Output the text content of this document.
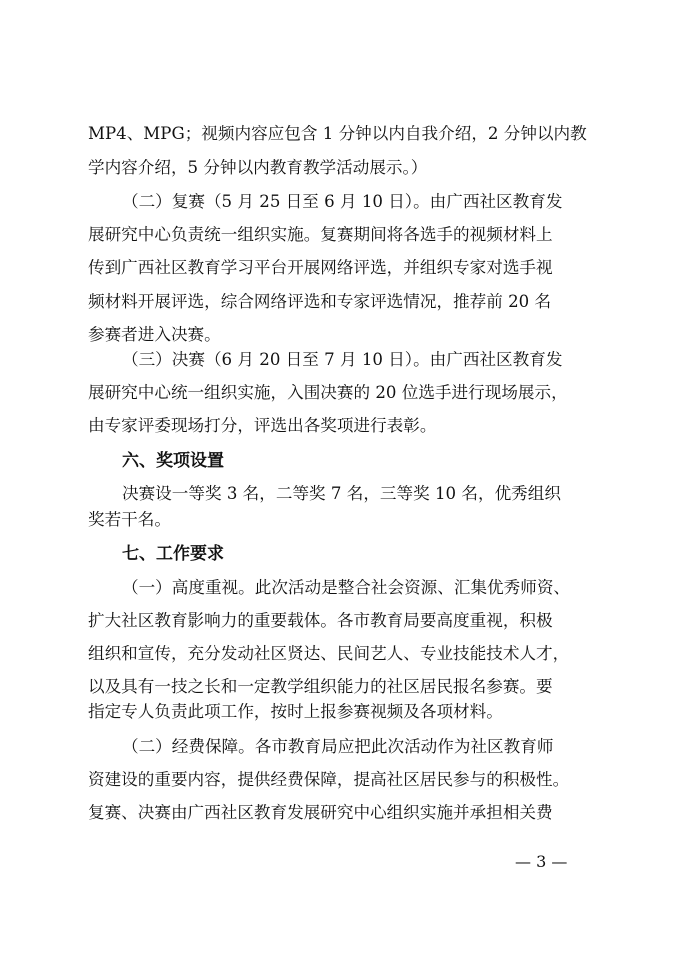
MP4、MPG；视频内容应包含 1 分钟以内自我介绍，2 分钟以内教
学内容介绍，5 分钟以内教育教学活动展示。）
（二）复赛（5 月 25 日至 6 月 10 日）。由广西社区教育发
展研究中心负责统一组织实施。复赛期间将各选手的视频材料上
传到广西社区教育学习平台开展网络评选，并组织专家对选手视
频材料开展评选，综合网络评选和专家评选情况，推荐前 20 名
参赛者进入决赛。
（三）决赛（6 月 20 日至 7 月 10 日）。由广西社区教育发
展研究中心统一组织实施，入围决赛的 20 位选手进行现场展示，
由专家评委现场打分，评选出各奖项进行表彰。
六、奖项设置
决赛设一等奖 3 名，二等奖 7 名，三等奖 10 名，优秀组织
奖若干名。
七、工作要求
（一）高度重视。此次活动是整合社会资源、汇集优秀师资、
扩大社区教育影响力的重要载体。各市教育局要高度重视，积极
组织和宣传，充分发动社区贤达、民间艺人、专业技能技术人才，
以及具有一技之长和一定教学组织能力的社区居民报名参赛。要
指定专人负责此项工作，按时上报参赛视频及各项材料。
（二）经费保障。各市教育局应把此次活动作为社区教育师
资建设的重要内容，提供经费保障，提高社区居民参与的积极性。
复赛、决赛由广西社区教育发展研究中心组织实施并承担相关费
— 3 —
